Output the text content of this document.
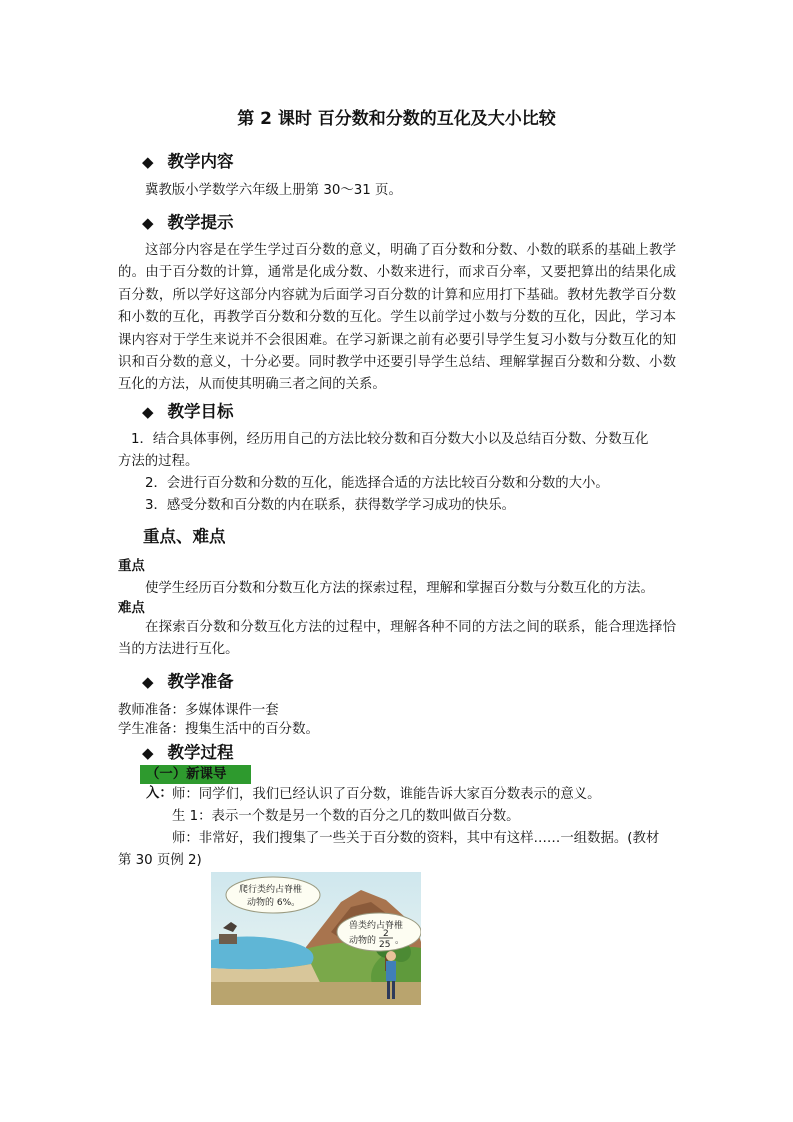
第 2 课时 百分数和分数的互化及大小比较
◆ 教学内容
冀教版小学数学六年级上册第 30～31 页。
◆ 教学提示
这部分内容是在学生学过百分数的意义，明确了百分数和分数、小数的联系的基础上教学的。由于百分数的计算，通常是化成分数、小数来进行，而求百分率，又要把算出的结果化成百分数，所以学好这部分内容就为后面学习百分数的计算和应用打下基础。教材先教学百分数和小数的互化，再教学百分数和分数的互化。学生以前学过小数与分数的互化，因此，学习本课内容对于学生来说并不会很困难。在学习新课之前有必要引导学生复习小数与分数互化的知识和百分数的意义，十分必要。同时教学中还要引导学生总结、理解掌握百分数和分数、小数互化的方法，从而使其明确三者之间的关系。
◆ 教学目标
1．结合具体事例，经历用自己的方法比较分数和百分数大小以及总结百分数、分数互化
方法的过程。
2．会进行百分数和分数的互化，能选择合适的方法比较百分数和分数的大小。
3．感受分数和百分数的内在联系，获得数学学习成功的快乐。
重点、难点
重点
使学生经历百分数和分数互化方法的探索过程，理解和掌握百分数与分数互化的方法。
难点
在探索百分数和分数互化方法的过程中，理解各种不同的方法之间的联系，能合理选择恰当的方法进行互化。
◆ 教学准备
教师准备：多媒体课件一套
学生准备：搜集生活中的百分数。
◆ 教学过程
（一）新课导入： 师：同学们，我们已经认识了百分数，谁能告诉大家百分数表示的意义。
生 1：表示一个数是另一个数的百分之几的数叫做百分数。
师：非常好，我们搜集了一些关于百分数的资料，其中有这样……一组数据。(教材
第 30 页例 2)
爬行类约占脊椎
动物的 6%。
兽类约占脊椎
动物的
2
25 。
